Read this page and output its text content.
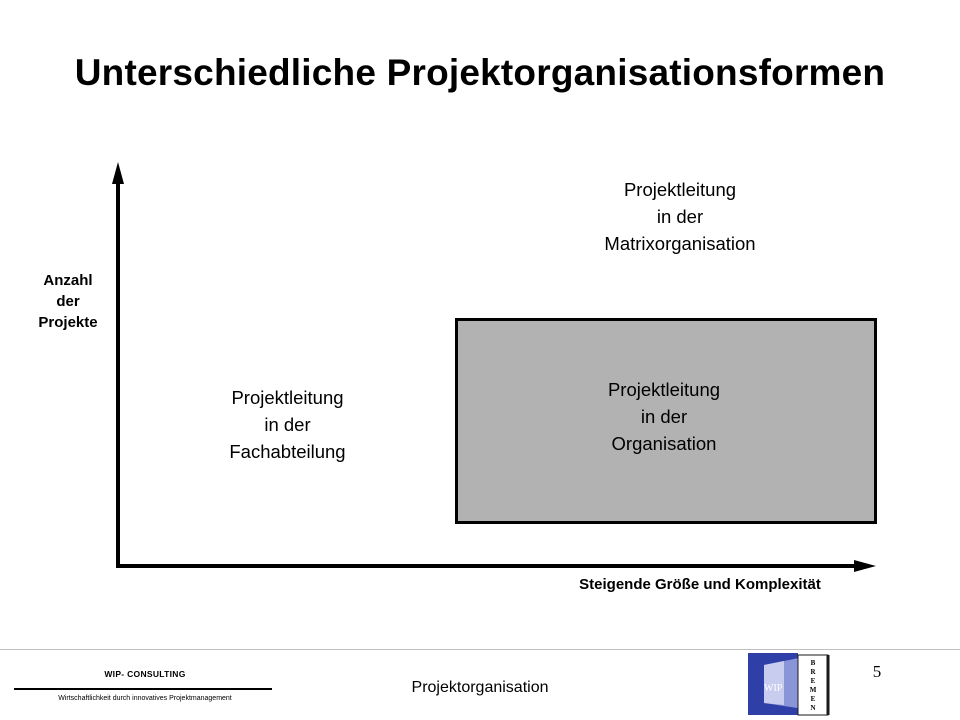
Unterschiedliche Projektorganisationsformen
Anzahl
der
Projekte
Steigende Größe und Komplexität
Projektleitung
in der
Matrixorganisation
Projektleitung
in der
Fachabteilung
Projektleitung
in der
Organisation
WIP- CONSULTING
Wirtschaftlichkeit durch innovatives Projektmanagement
Projektorganisation
5
WIP
B
R
E
M
E
N
